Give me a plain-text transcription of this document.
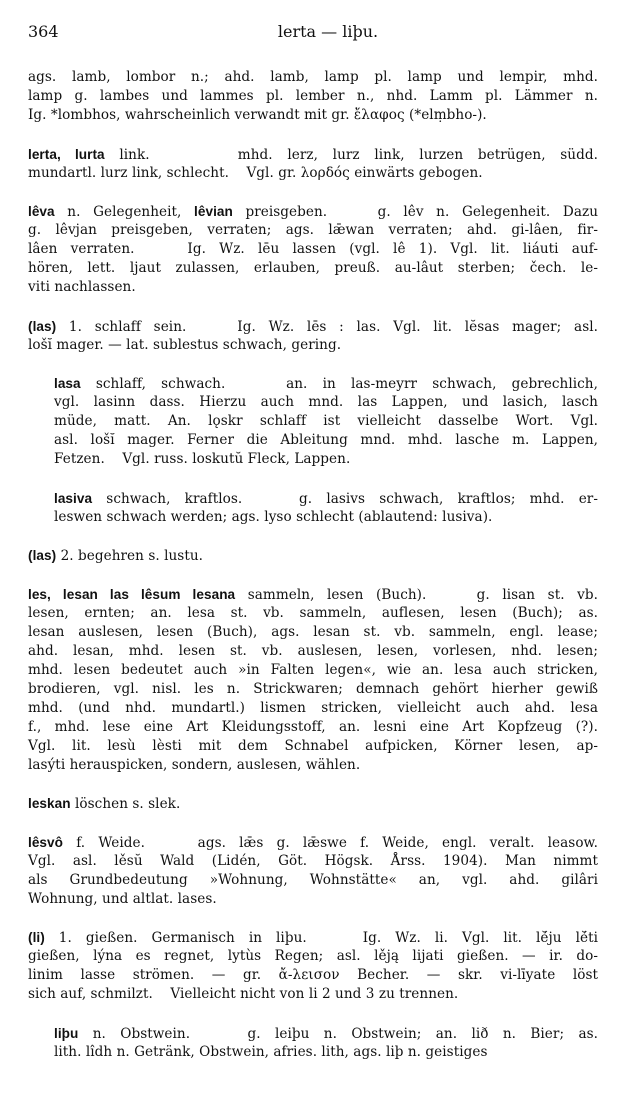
364	lerta — liþu.
ags. lamb, lombor n.; ahd. lamb, lamp pl. lamp und lempir, mhd.
lamp g. lambes und lammes pl. lember n., nhd. Lamm pl. Lämmer n.
Ig. *lombhos, wahrscheinlich verwandt mit gr. ἔλαφος (*elṃbho-).
lerta, lurta link.      mhd. lerz, lurz link, lurzen betrügen, südd.
mundartl. lurz link, schlecht.    Vgl. gr. λορδός einwärts gebogen.
lêva n. Gelegenheit, lêvian preisgeben.    g. lêv n. Gelegenheit. Dazu
g. lêvjan preisgeben, verraten; ags. lǣwan verraten; ahd. gi-lâen, fir-
lâen verraten.    Ig. Wz. lēu lassen (vgl. lê 1). Vgl. lit. liáuti auf-
hören, lett. ljaut zulassen, erlauben, preuß. au-lâut sterben; čech. le-
viti nachlassen.
(las) 1. schlaff sein.    Ig. Wz. lēs : las. Vgl. lit. lĕsas mager; asl.
lošĭ mager. — lat. sublestus schwach, gering.
lasa schlaff, schwach.    an. in las-meyrr schwach, gebrechlich,
vgl. lasinn dass. Hierzu auch mnd. las Lappen, und lasich, lasch
müde, matt. An. lǫskr schlaff ist vielleicht dasselbe Wort. Vgl.
asl. lošĭ mager. Ferner die Ableitung mnd. mhd. lasche m. Lappen,
Fetzen.    Vgl. russ. loskutŭ Fleck, Lappen.
lasiva schwach, kraftlos.    g. lasivs schwach, kraftlos; mhd. er-
leswen schwach werden; ags. lyso schlecht (ablautend: lusiva).
(las) 2. begehren s. lustu.
les, lesan las lêsum lesana sammeln, lesen (Buch).    g. lisan st. vb.
lesen, ernten; an. lesa st. vb. sammeln, auflesen, lesen (Buch); as.
lesan auslesen, lesen (Buch), ags. lesan st. vb. sammeln, engl. lease;
ahd. lesan, mhd. lesen st. vb. auslesen, lesen, vorlesen, nhd. lesen;
mhd. lesen bedeutet auch »in Falten legen«, wie an. lesa auch stricken,
brodieren, vgl. nisl. les n. Strickwaren; demnach gehört hierher gewiß
mhd. (und nhd. mundartl.) lismen stricken, vielleicht auch ahd. lesa
f., mhd. lese eine Art Kleidungsstoff, an. lesni eine Art Kopfzeug (?).
Vgl. lit. lesù lèsti mit dem Schnabel aufpicken, Körner lesen, ap-
lasýti herauspicken, sondern, auslesen, wählen.
leskan löschen s. slek.
lêsvô f. Weide.    ags. lǣs g. lǣswe f. Weide, engl. veralt. leasow.
Vgl. asl. lěsŭ Wald (Lidén, Göt. Högsk. Årss. 1904). Man nimmt
als Grundbedeutung »Wohnung, Wohnstätte« an, vgl. ahd. gilâri
Wohnung, und altlat. lases.
(li) 1. gießen. Germanisch in liþu.    Ig. Wz. li. Vgl. lit. lĕ́ju lĕ́ti
gießen, lýna es regnet, lytùs Regen; asl. lěją lijati gießen. — ir. do-
linim lasse strömen. — gr. ἄ-λεισον Becher. — skr. vi-līyate löst
sich auf, schmilzt.    Vielleicht nicht von li 2 und 3 zu trennen.
liþu n. Obstwein.    g. leiþu n. Obstwein; an. lið n. Bier; as.
lith. lîdh n. Getränk, Obstwein, afries. lith, ags. liþ n. geistiges
